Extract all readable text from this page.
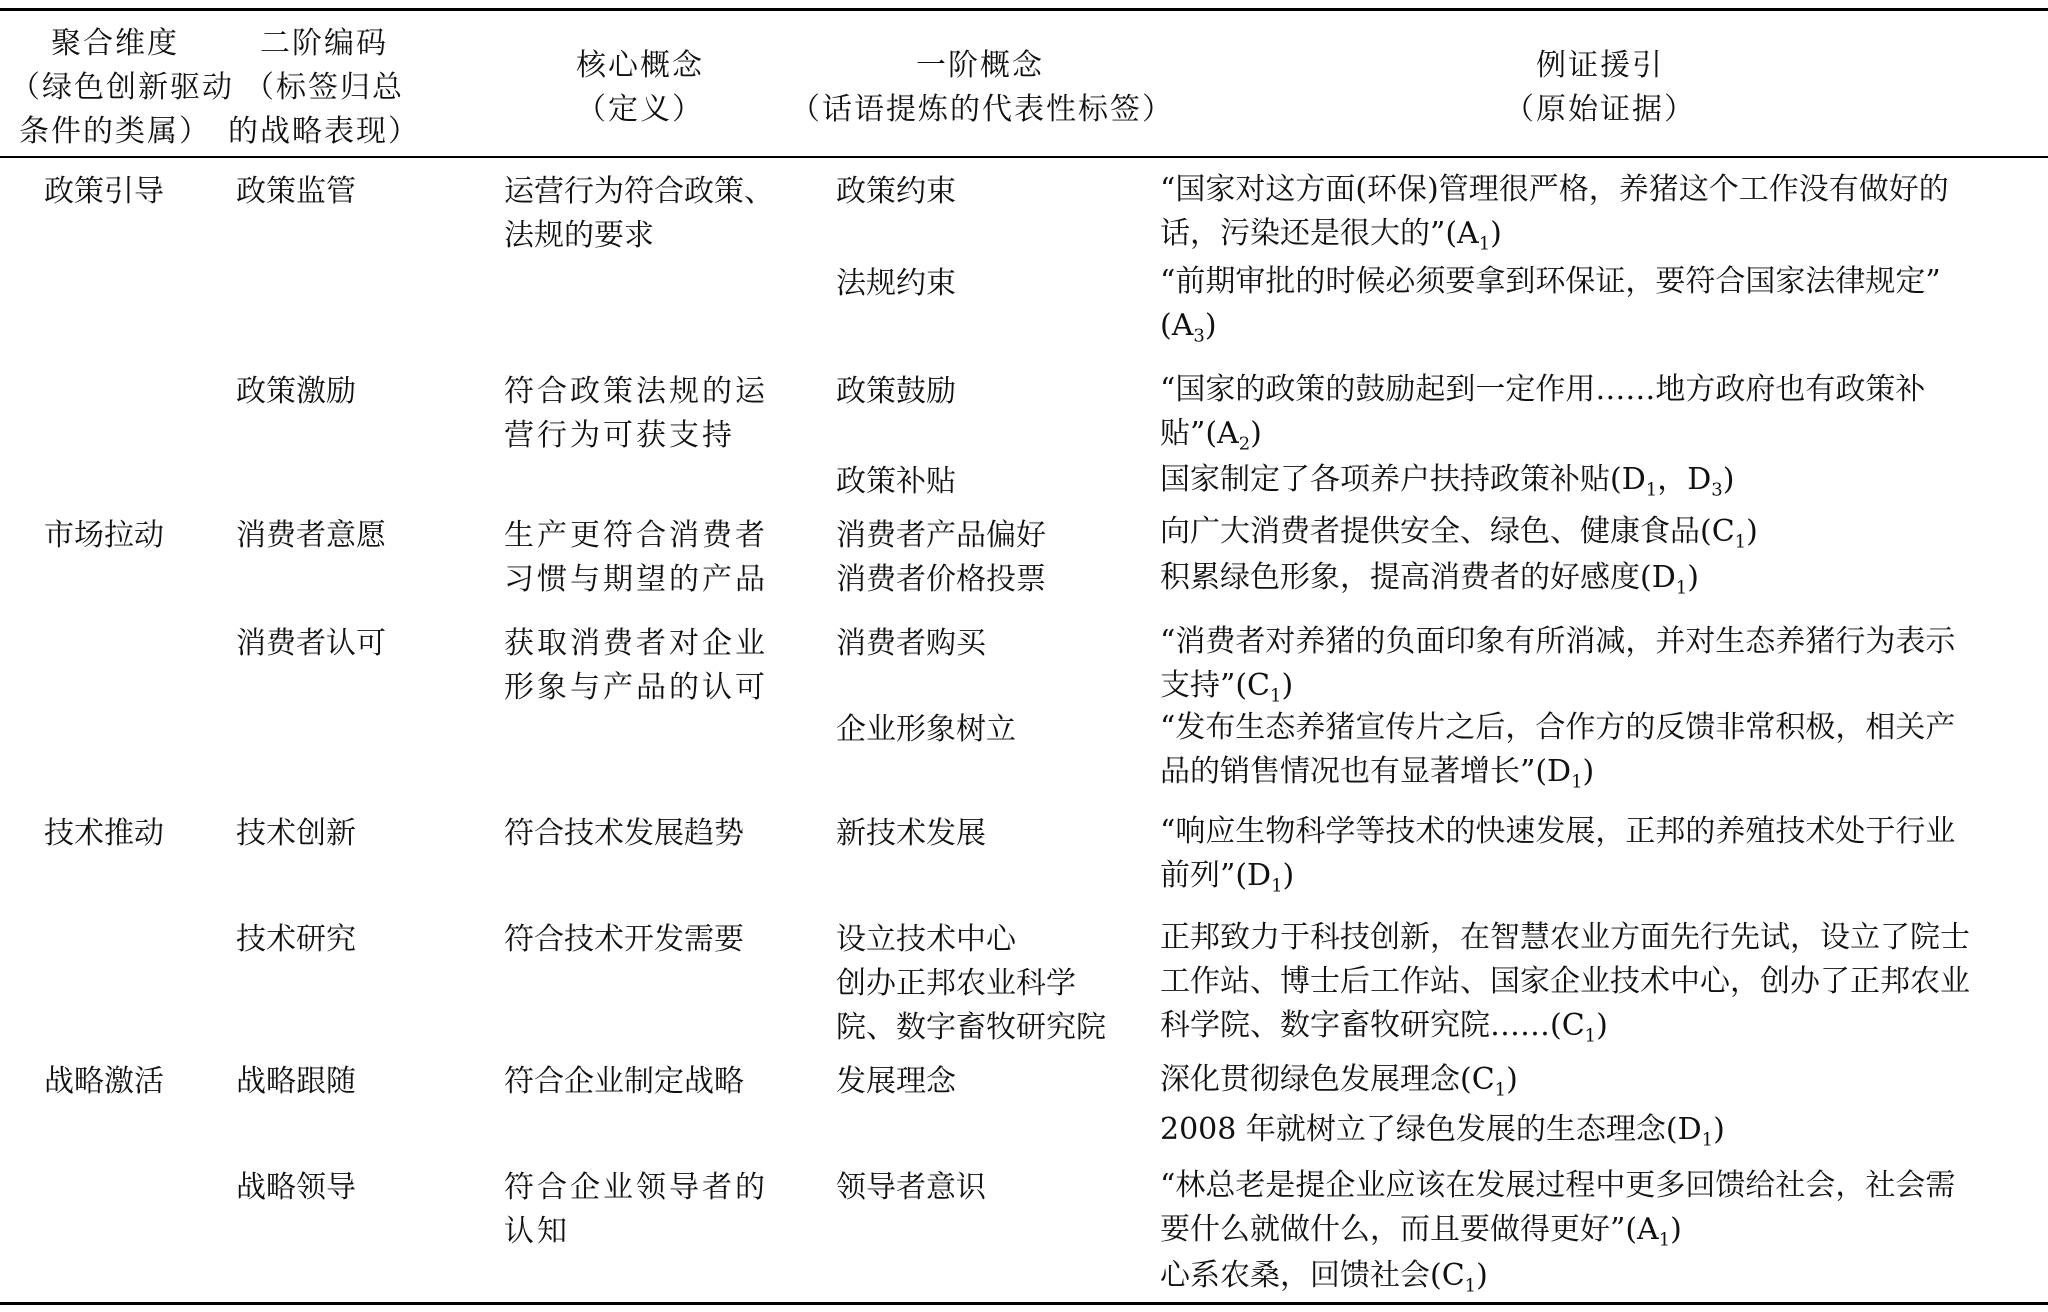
聚合维度
（绿色创新驱动
条件的类属）
二阶编码
（标签归总
的战略表现）
核心概念
（定义）
一阶概念
（话语提炼的代表性标签）
例证援引
（原始证据）
政策引导
市场拉动
技术推动
战略激活
政策监管
政策激励
消费者意愿
消费者认可
技术创新
技术研究
战略跟随
战略领导
运营行为符合政策、
法规的要求
符合政策法规的运
营行为可获支持
生产更符合消费者
习惯与期望的产品
获取消费者对企业
形象与产品的认可
符合技术发展趋势
符合技术开发需要
符合企业制定战略
符合企业领导者的
认知
政策约束
法规约束
政策鼓励
政策补贴
消费者产品偏好
消费者价格投票
消费者购买
企业形象树立
新技术发展
设立技术中心
创办正邦农业科学
院、数字畜牧研究院
发展理念
领导者意识
“国家对这方面(环保)管理很严格，养猪这个工作没有做好的
话，污染还是很大的$”(A_1)$
“前期审批的时候必须要拿到环保证，要符合国家法律规定”
$(A_3)$
“国家的政策的鼓励起到一定作用……地方政府也有政策补
贴$”(A_2)$
国家制定了各项养户扶持政策补贴($D_1$，$D_3$)
向广大消费者提供安全、绿色、健康食品$(C_1)$
积累绿色形象，提高消费者的好感度$(D_1)$
“消费者对养猪的负面印象有所消减，并对生态养猪行为表示
支持$”(C_1)$
“发布生态养猪宣传片之后，合作方的反馈非常积极，相关产
品的销售情况也有显著增长$”(D_1)$
“响应生物科学等技术的快速发展，正邦的养殖技术处于行业
前列$”(D_1)$
正邦致力于科技创新，在智慧农业方面先行先试，设立了院士
工作站、博士后工作站、国家企业技术中心，创办了正邦农业
科学院、数字畜牧研究院$\dots\dots(C_1)$
深化贯彻绿色发展理念$(C_1)$
2008 年就树立了绿色发展的生态理念$(D_1)$
“林总老是提企业应该在发展过程中更多回馈给社会，社会需
要什么就做什么，而且要做得更好$”(A_1)$
心系农桑，回馈社会$(C_1)$
